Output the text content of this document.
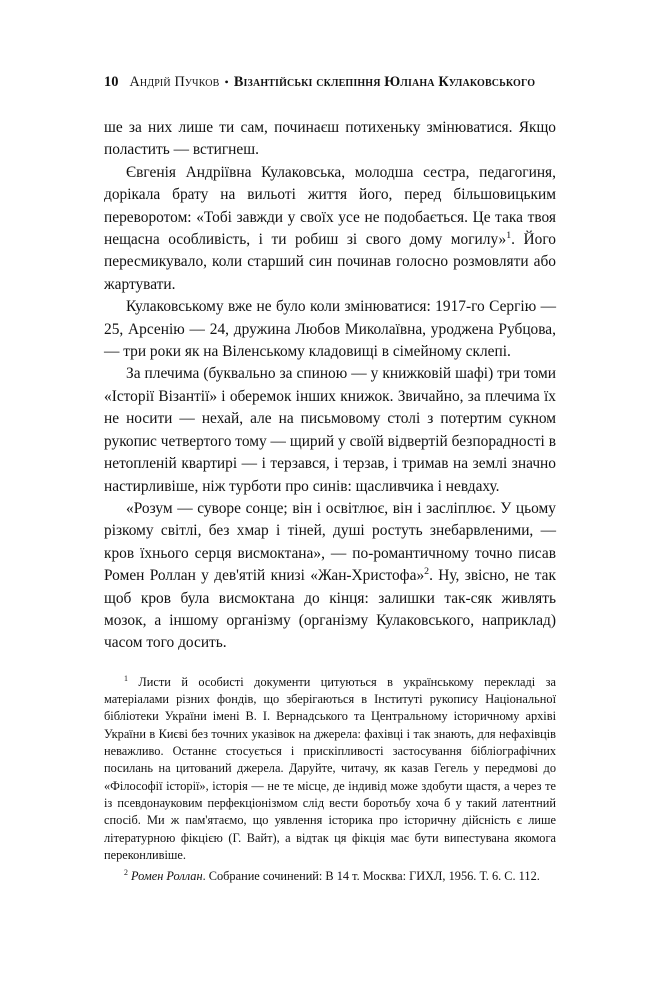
10 Андрій Пучков • Візантійські склепіння Юліана Кулаковського

ше за них лише ти сам, починаєш потихеньку змінюватися. Якщо поластить — встигнеш.

Євгенія Андріївна Кулаковська, молодша сестра, педагогиня, дорікала брату на вильоті життя його, перед більшовицьким переворотом: «Тобі завжди у своїх усе не подобається. Це така твоя нещасна особливість, і ти робиш зі свого дому могилу»$^1$. Його пересмикувало, коли старший син починав голосно розмовляти або жартувати.

Кулаковському вже не було коли змінюватися: 1917-го Сергію — 25, Арсенію — 24, дружина Любов Миколаївна, уроджена Рубцова, — три роки як на Віленському кладовищі в сімейному склепі.

За плечима (буквально за спиною — у книжковій шафі) три томи «Історії Візантії» і оберемок інших книжок. Звичайно, за плечима їх не носити — нехай, але на письмовому столі з потертим сукном рукопис четвертого тому — щирий у своїй відвертій безпорадності в нетопленій квартирі — і терзався, і терзав, і тримав на землі значно настирливіше, ніж турботи про синів: щасливчика і невдаху.

«Розум — суворе сонце; він і освітлює, він і засліплює. У цьому різкому світлі, без хмар і тіней, душі ростуть знебарвленими, — кров їхнього серця висмоктана», — по-романтичному точно писав Ромен Роллан у дев'ятій книзі «Жан-Христофа»$^2$. Ну, звісно, не так щоб кров була висмоктана до кінця: залишки так-сяк живлять мозок, а іншому організму (організму Кулаковського, наприклад) часом того досить.

$^1$ Листи й особисті документи цитуються в українському перекладі за матеріалами різних фондів, що зберігаються в Інституті рукопису Національної бібліотеки України імені В. І. Вернадського та Центральному історичному архіві України в Києві без точних указівок на джерела: фахівці і так знають, для нефахівців неважливо. Останнє стосується і прискіпливості застосування бібліографічних посилань на цитований джерела. Даруйте, читачу, як казав Гегель у передмові до «Філософії історії», історія — не те місце, де індивід може здобути щастя, а через те із псевдонауковим перфекціонізмом слід вести боротьбу хоча б у такий латентний спосіб. Ми ж пам'ятаємо, що уявлення історика про історичну дійсність є лише літературною фікцією (Г. Вайт), а відтак ця фікція має бути випестувана якомога переконливіше.

$^2$ Ромен Роллан. Собрание сочинений: В 14 т. Москва: ГИХЛ, 1956. Т. 6. С. 112.
